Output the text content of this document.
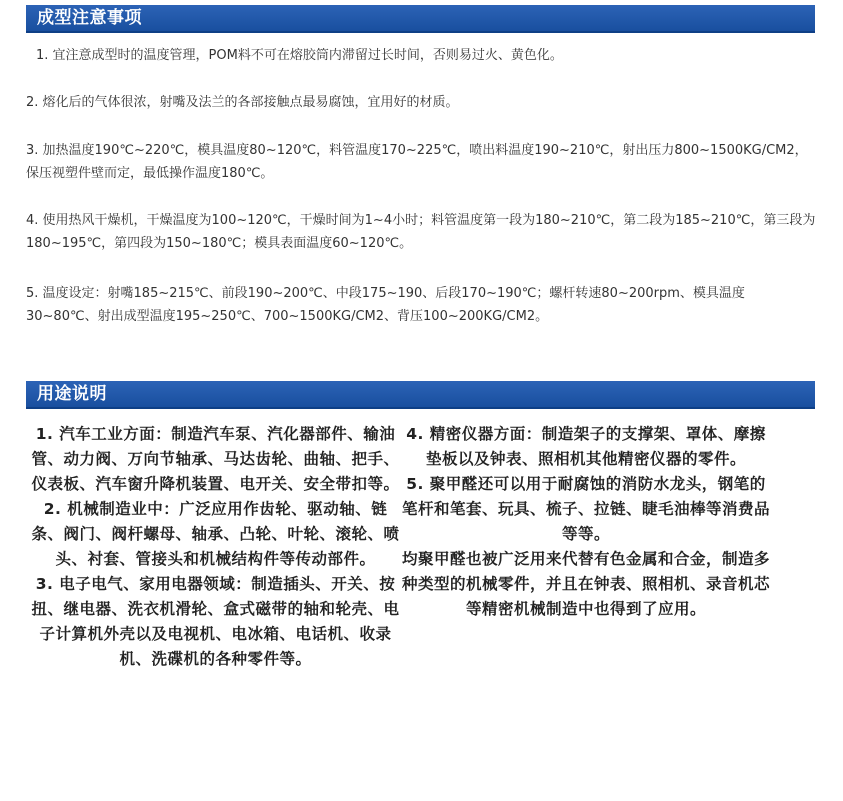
成型注意事项
1. 宜注意成型时的温度管理，POM料不可在熔胶筒内滞留过长时间，否则易过火、黄色化。
2. 熔化后的气体很浓，射嘴及法兰的各部接触点最易腐蚀，宜用好的材质。
3. 加热温度190℃~220℃，模具温度80~120℃，料管温度170~225℃，喷出料温度190~210℃，射出压力800~1500KG/CM2，保压视塑件壁而定，最低操作温度180℃。
4. 使用热风干燥机，干燥温度为100~120℃，干燥时间为1~4小时；料管温度第一段为180~210℃，第二段为185~210℃，第三段为180~195℃，第四段为150~180℃；模具表面温度60~120℃。
5. 温度设定：射嘴185~215℃、前段190~200℃、中段175~190、后段170~190℃；螺杆转速80~200rpm、模具温度30~80℃、射出成型温度195~250℃、700~1500KG/CM2、背压100~200KG/CM2。
用途说明

1. 汽车工业方面：制造汽车泵、汽化器部件、输油管、动力阀、万向节轴承、马达齿轮、曲轴、把手、仪表板、汽车窗升降机装置、电开关、安全带扣等。

2. 机械制造业中：广泛应用作齿轮、驱动轴、链条、阀门、阀杆螺母、轴承、凸轮、叶轮、滚轮、喷头、衬套、管接头和机械结构件等传动部件。

3. 电子电气、家用电器领域：制造插头、开关、按扭、继电器、洗衣机滑轮、盒式磁带的轴和轮壳、电子计算机外壳以及电视机、电冰箱、电话机、收录机、洗碟机的各种零件等。

4. 精密仪器方面：制造架子的支撑架、罩体、摩擦垫板以及钟表、照相机其他精密仪器的零件。

5. 聚甲醛还可以用于耐腐蚀的消防水龙头，钢笔的笔杆和笔套、玩具、梳子、拉链、睫毛油棒等消费品等等。

均聚甲醛也被广泛用来代替有色金属和合金，制造多种类型的机械零件，并且在钟表、照相机、录音机芯等精密机械制造中也得到了应用。
